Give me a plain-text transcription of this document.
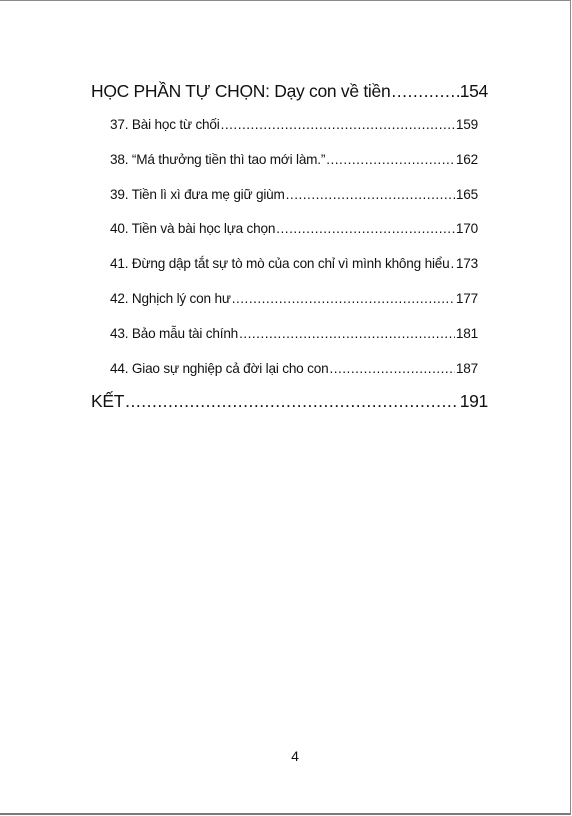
HỌC PHẦN TỰ CHỌN: Dạy con về tiền .....	154
37. Bài học từ chối .....	159
38. “Má thưởng tiền thì tao mới làm.” .....	162
39. Tiền lì xì đưa mẹ giữ giùm .....	165
40. Tiền và bài học lựa chọn .....	170
41. Đừng dập tắt sự tò mò của con chỉ vì mình không hiểu ..... 173
42. Nghịch lý con hư .....	177
43. Bảo mẫu tài chính .....	181
44. Giao sự nghiệp cả đời lại cho con .....	187
KẾT .....	191
4
